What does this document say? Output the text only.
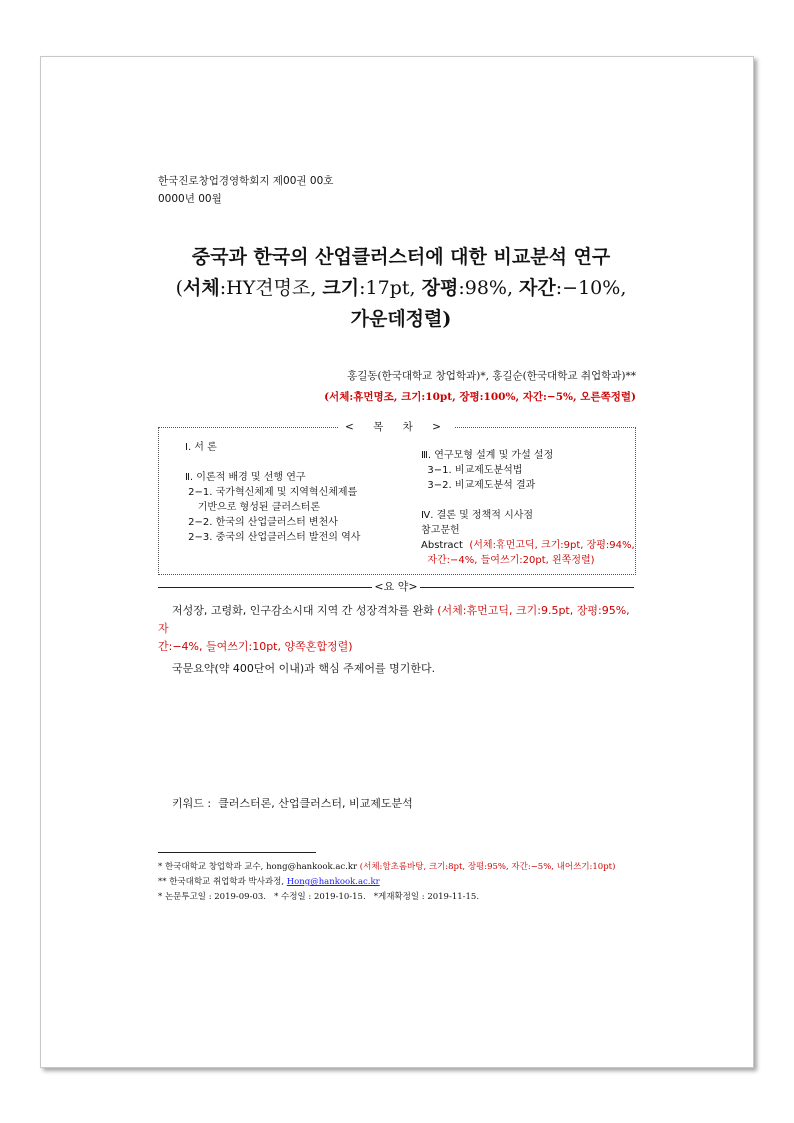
한국진로창업경영학회지 제00권 00호
0000년 00월
중국과 한국의 산업클러스터에 대한 비교분석 연구
(서체:HY견명조, 크기:17pt, 장평:98%, 자간:−10%,
가운데정렬)
홍길동(한국대학교 창업학과)*, 홍길순(한국대학교 취업학과)**
(서체:휴먼명조, 크기:10pt, 장평:100%, 자간:−5%, 오른쪽정렬)
< 목 차 >
Ⅰ. 서 론
Ⅱ. 이론적 배경 및 선행 연구
2−1. 국가혁신체제 및 지역혁신체제를
기반으로 형성된 클러스터론
2−2. 한국의 산업클러스터 변천사
2−3. 중국의 산업클러스터 발전의 역사
Ⅲ. 연구모형 설계 및 가설 설정
3−1. 비교제도분석법
3−2. 비교제도분석 결과
Ⅳ. 결론 및 정책적 시사점
참고문헌
Abstract  (서체:휴먼고딕, 크기:9pt, 장평:94%,
자간:−4%, 들여쓰기:20pt, 왼쪽정렬)
<요 약>
저성장, 고령화, 인구감소시대 지역 간 성장격차를 완화 (서체:휴먼고딕, 크기:9.5pt, 장평:95%, 자
간:−4%, 들여쓰기:10pt, 양쪽혼합정렬)
국문요약(약 400단어 이내)과 핵심 주제어를 명기한다.
키워드 :  클러스터론, 산업클러스터, 비교제도분석
* 한국대학교 창업학과 교수, hong@hankook.ac.kr (서체:함초롬바탕, 크기:8pt, 장평:95%, 자간:−5%, 내어쓰기:10pt)
** 한국대학교 취업학과 박사과정, Hong@hankook.ac.kr
* 논문투고일 : 2019-09-03.   * 수정일 : 2019-10-15.   *게재확정일 : 2019-11-15.
